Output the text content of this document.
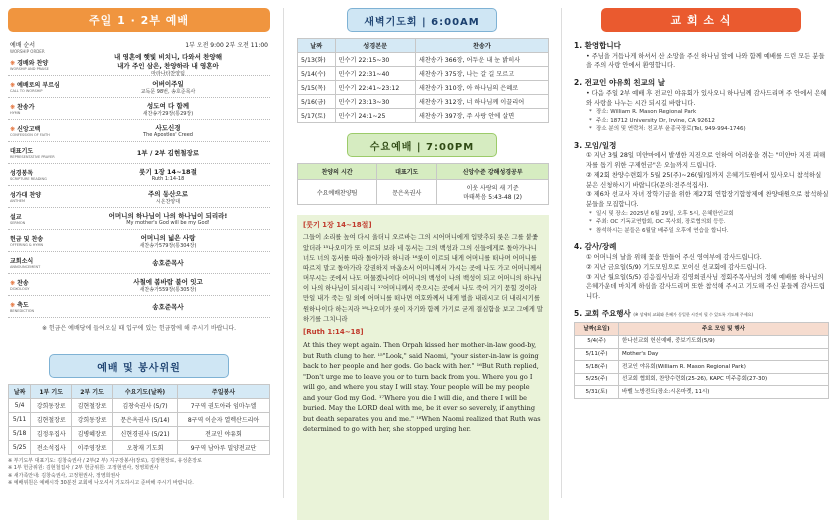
주일 1 · 2부 예배
예배 순서
WORSHIP ORDER
1부 오전 9:00 2부 오전 11:00
❋ 경배와 찬양
WORSHIP AND PRAISE
내 영혼에 햇빛 비치니, 다와서 찬양해
내가 주인 삼은, 찬양하라 내 영혼아
마라나타찬양팀
❋ 예배로의 부르심
CALL TO WORSHIP
어버이주일
교독문 98번, 송호준목사
❋ 찬송가
HYMN
성도여 다 함께
새찬송가29장(통29장)
❋ 신앙고백
CONFESSION OF FAITH
사도신경
The Apostles' Creed
대표기도
REPRESENTATIVE PRAYER	1부 / 2부 김현철장로
성경봉독
SCRIPTURE READING
룻기 1장 14~18절
Ruth 1:14-18
성가대 찬양
ANTHEM
주의 동산으로
시온찬양대
설교
SERMON
어머니의 하나님이 나의 하나님이 되리라!
My mother's God will be my God!
헌금 및 찬송
OFFERING & HYMN
어머니의 넓은 사랑
새찬송가579장(통304장)
교회소식
ANNOUNCEMENT	송호준목사
❋ 찬송
DOXOLOGY
사철에 봄바람 불어 잇고
새찬송가559장(통305장)
❋ 축도
BENEDICTION	송호준목사
※ 헌금은 예배당에 들어오실 때 입구에 있는 헌금함에 해 주시기 바랍니다.
예배 및 봉사위원
날짜	1부 기도	2부 기도	수요기도(날짜)	주일봉사
5/4	강희동장로	김현철장로	김창숙권사 (5/7)	7구역 권도아라 임마누엘
5/11	김현철장로	강희동장로	문은옥권사 (5/14)	8구역 이순자 열렉산드리아
5/18	김정우집사	김병혜장로	신현경권사 (5/21)	전교인 야유회
5/25	전소석집사	이주영장로	오창재 기도회	9구역 남아루 밀양전교단
※ 부기도부 대표기도: 김창숙권사 / 2부(2 부) 지구장봉사(장로), 김정현장로, 유성훈장로
※ 1부 헌금위원: 김현철집사 / 2부 헌금위원: 고정현권사, 정영희권사
※ 새가족안내: 김창숙권사, 고정현권사, 정영희권사
※ 예배위원은 예배시작 30분전 교회에 나오셔서 기도하시고 준비해 주시기 바랍니다.
새벽기도회 | 6:00AM
날짜	성경본문	찬송가
5/13(화)	민수기 22:15~30	새찬송가 366장, 어두운 내 눈 밝히사
5/14(수)	민수기 22:31~40	새찬송가 375장, 나는 갈 길 모르고
5/15(목)	민수기 22:41~23:12	새찬송가 310장, 아 하나님의 은혜로
5/16(금)	민수기 23:13~30	새찬송가 312장, 너 하나님께 이끌리어
5/17(토)	민수기 24:1~25	새찬송가 397장, 주 사랑 안에 살면
수요예배 | 7:00PM
찬양의 시간	대표기도	신앙수준 강해성경공부

수요예배찬양팀	문은옥권사	이웃 사랑의 새 기준
마태복음 5:43-48 (2)
[룻기 1장 14~18절]
그들이 소리를 높여 다시 울더니 오르바는 그의 시어머니에게 입맞추되 룻은 그를 붙좇았더라 ¹⁵나오미가 또 이르되 보라 네 동서는 그의 백성과 그의 신들에게로 돌아가나니 너도 너의 동서를 따라 돌아가라 하니라 ¹⁶룻이 이르되 내게 어머니를 떠나며 어머니를 따르지 말고 돌아가라 강권하지 마옵소서 어머니께서 가시는 곳에 나도 가고 어머니께서 머무시는 곳에서 나도 머물겠나이다 어머니의 백성이 나의 백성이 되고 어머니의 하나님이 나의 하나님이 되시리니 ¹⁷어머니께서 죽으시는 곳에서 나도 죽어 거기 묻힐 것이라 만일 내가 죽는 일 외에 어머니를 떠나면 여호와께서 내게 벌을 내리시고 더 내리시기를 원하나이다 하는지라 ¹⁸나오미가 룻이 자기와 함께 가기로 굳게 결심함을 보고 그에게 말하기를 그치니라
[Ruth 1:14~18]
At this they wept again. Then Orpah kissed her mother-in-law good-by, but Ruth clung to her. ¹⁵"Look," said Naomi, "your sister-in-law is going back to her people and her gods. Go back with her." ¹⁶But Ruth replied, "Don't urge me to leave you or to turn back from you. Where you go I will go, and where you stay I will stay. Your people will be my people and your God my God. ¹⁷Where you die I will die, and there I will be buried. May the LORD deal with me, be it ever so severely, if anything but death separates you and me." ¹⁸When Naomi realized that Ruth was determined to go with her, she stopped urging her.
교 회 소 식
1. 환영합니다
• 주님을 거듭나게 하셔서 산 소망을 주신 하나님 앞에 나와 함께 예배를 드린 모든 분들을 주의 사랑 안에서 환영합니다.
2. 전교인 야유회 친교의 날
• 다음 주일 2부 예배 후 전교인 야유회가 있사오니 하나님께 감사드리며 주 안에서 은혜와 사랑을 나누는 시간 되시길 바랍니다.
* 장소: William R. Mason Regional Park
* 주소: 18712 University Dr, Irvine, CA 92612
* 장소 분의 및 연락처: 친교부 윤종국장로(Tel, 949-994-1746)
3. 모임/일정
① 지난 3월 28일 미얀마에서 발생한 지진으로 인하여 어려움을 겪는 "미얀마 지진 피해자를 돕기 위한 구제헌금"은 오늘까지 드립니다.
② 제2회 찬양수련회가 5월 25(주)~26(월)일까지 은혜기도원에서 있사오니 참석하실 분은 신청하시기 바랍니다(문의:전주석집사).
③ 제6차 선교사 자녀 장학기금을 위한 제27회 연합장기합창제에 찬양대원으로 참석하실 분들을 모집합니다.
* 일시 및 장소: 2025년 6월 29일, 오후 5시, 은혜한인교회
* 주최: OC 기독교연합회, OC 목사회, 장로협의회 등등.
* 참석하시는 분들은 6월달 배주일 오후에 연습을 합니다.
4. 감사/장례
① 어머니의 날을 위해 꽃을 만들어 주신 영여부에 감사드립니다.
② 지난 금요일(5/9) 기도모임으로 모이신 선교회에 감사드립니다.
③ 지난 월요일(5/5) 김응집사님과 김영희권사님 정회주목사님의 정혜 예배를 하나님의 은혜가운데 마치게 하심을 감사드리며 또한 참석해 주시고 기도해 주신 분들께 감사드립니다.
5. 교회 주요행사 (※ 상세히 교회와 은혜가 동일한 시간이 될 수 있도록 기도해 주세요)
날짜(요일)	주요 모임 및 행사
5/4(주)	한나선교회 헌신예배, 중보기도회(5/9)
5/11(주)	Mother's Day
5/18(주)	전교인 야유회(William R. Mason Regional Park)
5/25(주)	선교회 협회회, 찬양수련회(25-26), KAPC 미주총회(27-30)
5/31(토)	바벨 노방전도(장소:시온마켓, 11시)
